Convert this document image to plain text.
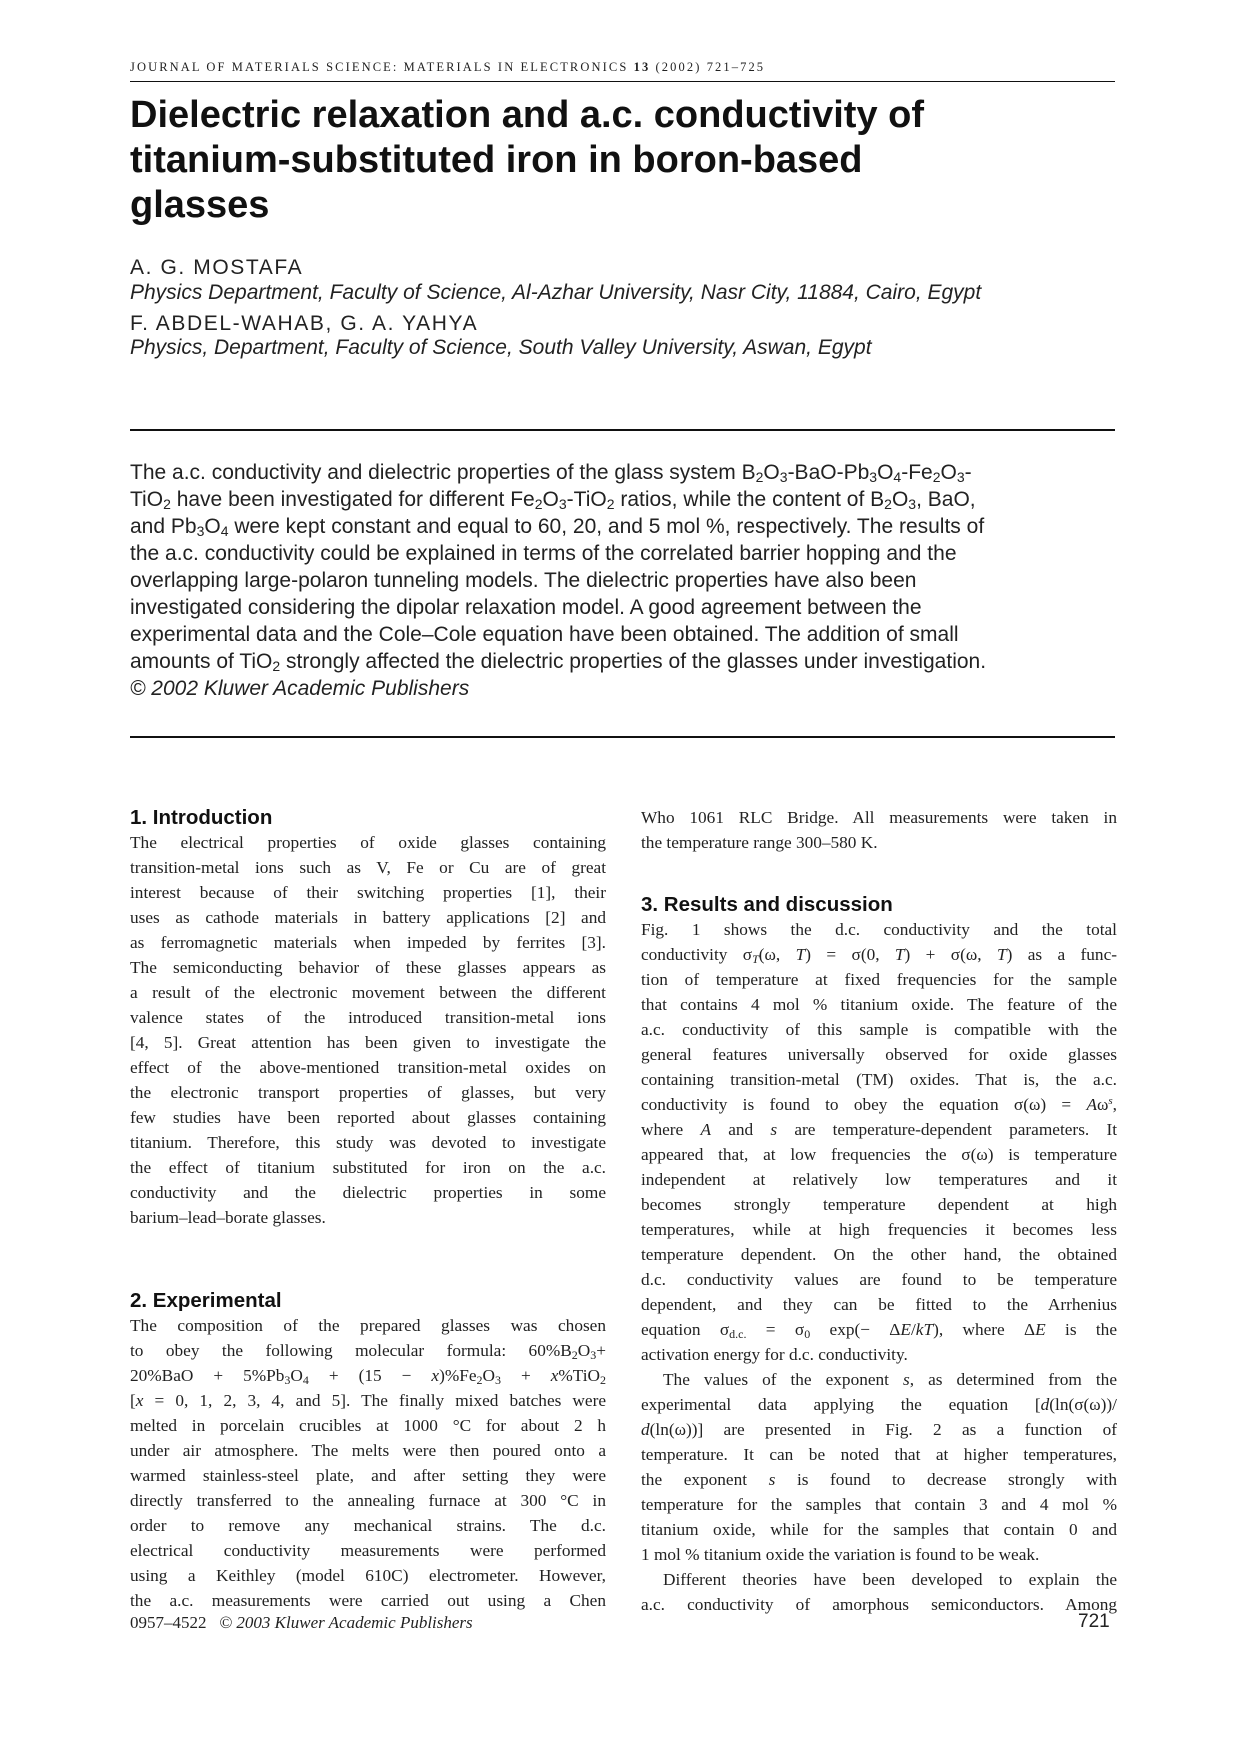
JOURNAL OF MATERIALS SCIENCE: MATERIALS IN ELECTRONICS 13 (2002) 721–725
Dielectric relaxation and a.c. conductivity of
titanium-substituted iron in boron-based
glasses
A. G. MOSTAFA
Physics Department, Faculty of Science, Al-Azhar University, Nasr City, 11884, Cairo, Egypt
F. ABDEL-WAHAB, G. A. YAHYA
Physics, Department, Faculty of Science, South Valley University, Aswan, Egypt
The a.c. conductivity and dielectric properties of the glass system $B_2O_3-BaO-Pb_3O_4-Fe_2O_3-$
TiO$_2$ have been investigated for different $Fe_2O_3-TiO_2$ ratios, while the content of $B_2O_3$, BaO,
and $Pb_3O_4$ were kept constant and equal to 60, 20, and 5 mol %, respectively. The results of
the a.c. conductivity could be explained in terms of the correlated barrier hopping and the
overlapping large-polaron tunneling models. The dielectric properties have also been
investigated considering the dipolar relaxation model. A good agreement between the
experimental data and the Cole–Cole equation have been obtained. The addition of small
amounts of TiO$_2$ strongly affected the dielectric properties of the glasses under investigation.
© 2002 Kluwer Academic Publishers
1. Introduction
The electrical properties of oxide glasses containing
transition-metal ions such as V, Fe or Cu are of great
interest because of their switching properties [1], their
uses as cathode materials in battery applications [2] and
as ferromagnetic materials when impeded by ferrites [3].
The semiconducting behavior of these glasses appears as
a result of the electronic movement between the different
valence states of the introduced transition-metal ions
[4, 5]. Great attention has been given to investigate the
effect of the above-mentioned transition-metal oxides on
the electronic transport properties of glasses, but very
few studies have been reported about glasses containing
titanium. Therefore, this study was devoted to investigate
the effect of titanium substituted for iron on the a.c.
conductivity and the dielectric properties in some
barium–lead–borate glasses.
2. Experimental
The composition of the prepared glasses was chosen
to obey the following molecular formula: $60\%B_2O_3+$
$20\%BaO + 5\%Pb_3O_4 + (15 - x)\%Fe_2O_3 + x\%TiO_2$
[x = 0, 1, 2, 3, 4, and 5]. The finally mixed batches were
melted in porcelain crucibles at 1000 °C for about 2 h
under air atmosphere. The melts were then poured onto a
warmed stainless-steel plate, and after setting they were
directly transferred to the annealing furnace at 300 °C in
order to remove any mechanical strains. The d.c.
electrical conductivity measurements were performed
using a Keithley (model 610C) electrometer. However,
the a.c. measurements were carried out using a Chen
Who 1061 RLC Bridge. All measurements were taken in
the temperature range 300–580 K.
3. Results and discussion
Fig. 1 shows the d.c. conductivity and the total
conductivity $\sigma_T(\omega$, T) = σ(0, T) + σ(ω, T) as a func-
tion of temperature at fixed frequencies for the sample
that contains 4 mol % titanium oxide. The feature of the
a.c. conductivity of this sample is compatible with the
general features universally observed for oxide glasses
containing transition-metal (TM) oxides. That is, the a.c.
conductivity is found to obey the equation $\sigma(\omega) = A\omega^s$,
where A and s are temperature-dependent parameters. It
appeared that, at low frequencies the σ(ω) is temperature
independent at relatively low temperatures and it
becomes strongly temperature dependent at high
temperatures, while at high frequencies it becomes less
temperature dependent. On the other hand, the obtained
d.c. conductivity values are found to be temperature
dependent, and they can be fitted to the Arrhenius
equation $\sigma_{d.c.} = \sigma_0$ exp(− ΔE/kT), where ΔE is the
activation energy for d.c. conductivity.
The values of the exponent s, as determined from the
experimental data applying the equation [d(ln(σ(ω))/
d(ln(ω))] are presented in Fig. 2 as a function of
temperature. It can be noted that at higher temperatures,
the exponent s is found to decrease strongly with
temperature for the samples that contain 3 and 4 mol %
titanium oxide, while for the samples that contain 0 and
1 mol % titanium oxide the variation is found to be weak.
Different theories have been developed to explain the
a.c. conductivity of amorphous semiconductors. Among
0957–4522 © 2003 Kluwer Academic Publishers	721
